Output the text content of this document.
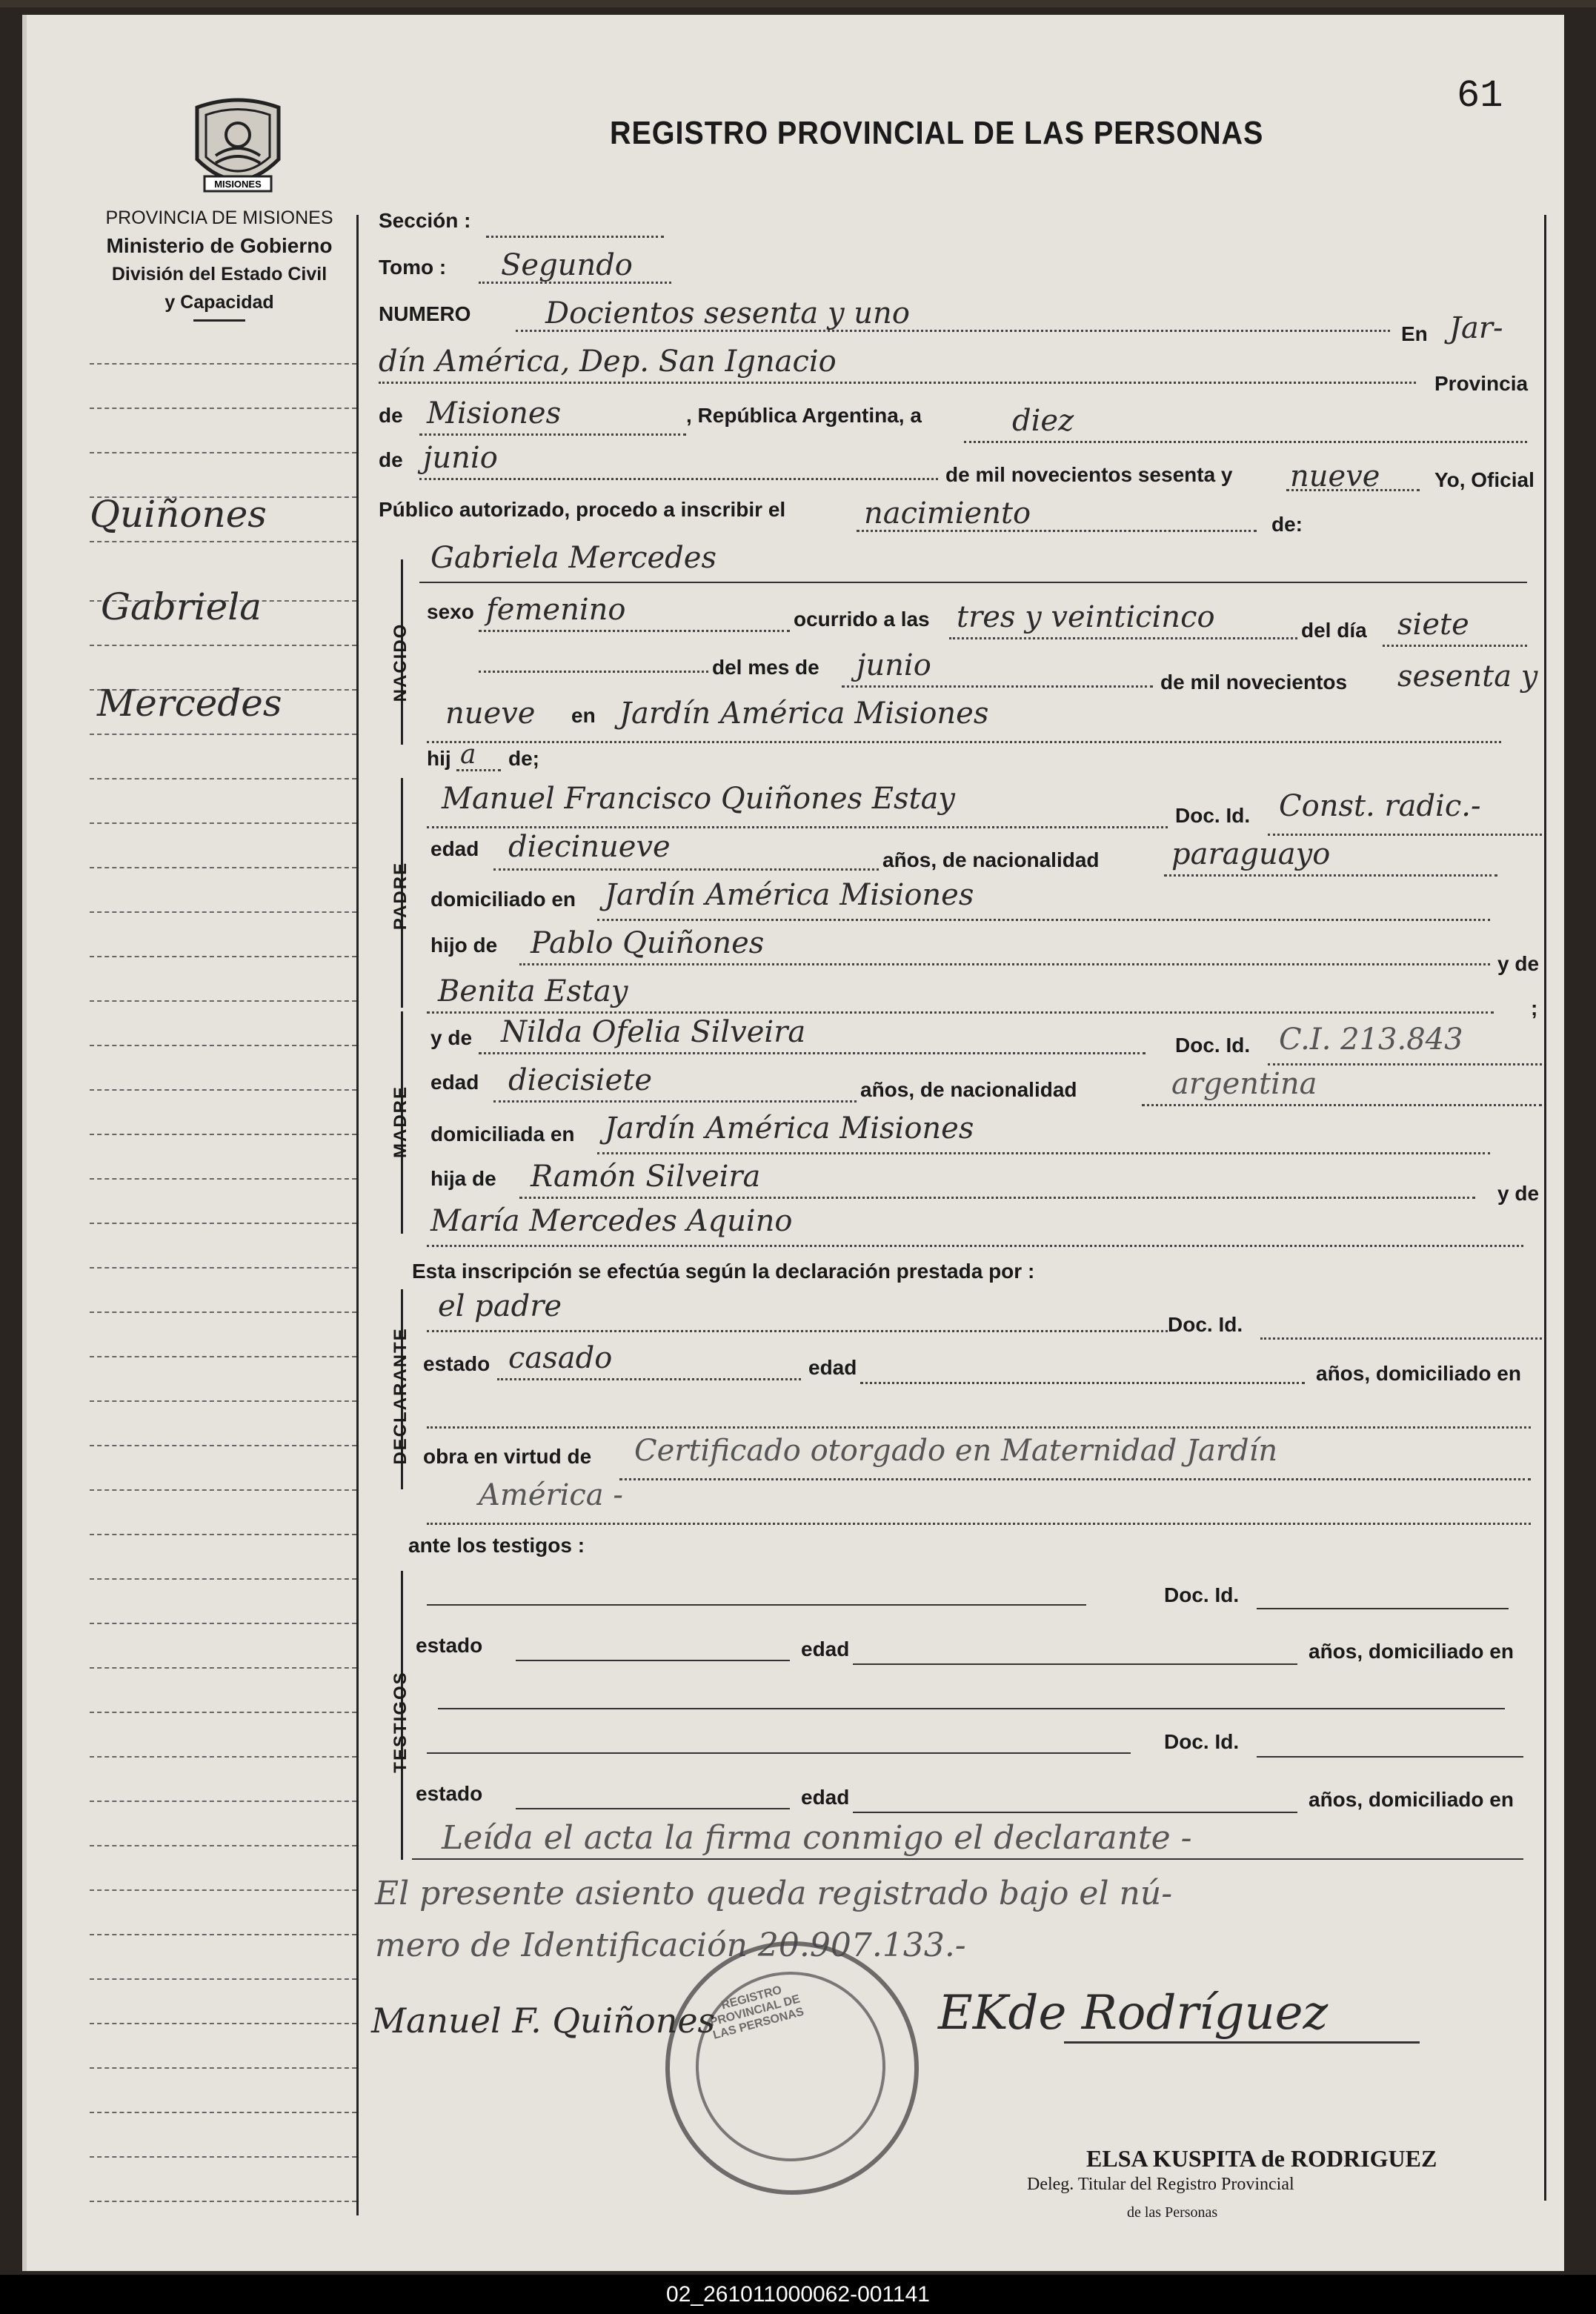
MISIONES
PROVINCIA DE MISIONES
Ministerio de Gobierno
División del Estado Civil
y Capacidad
REGISTRO PROVINCIAL DE LAS PERSONAS
61
Quiñones
Gabriela
Mercedes
NACIDO
PADRE
MADRE
DECLARANTE
TESTIGOS
Sección :
Tomo : Segundo
NUMERO	Docientos sesenta y uno
En Jar-
dín América, Dep. San Ignacio
Provincia
de Misiones	, República Argentina, a	diez
de junio	de mil novecientos sesenta y nueve	Yo, Oficial
Público autorizado, procedo a inscribir el	nacimiento	de:
Gabriela Mercedes
sexo femenino	ocurrido a las tres y veinticinco	del día siete
del mes de junio	de mil novecientos sesenta y
nueve en Jardín América Misiones
hij a de;
Manuel Francisco Quiñones Estay	Doc. Id. Const. radic.-
edad diecinueve	años, de nacionalidad paraguayo
domiciliado en Jardín América Misiones
hijo de Pablo Quiñones
y de
Benita Estay	;
y de Nilda Ofelia Silveira	Doc. Id. C.I. 213.843
edad diecisiete	años, de nacionalidad	argentina
domiciliada en Jardín América Misiones
hija de Ramón Silveira	y de
María Mercedes Aquino
Esta inscripción se efectúa según la declaración prestada por :
el padre
Doc. Id.
estado casado	edad	años, domiciliado en
obra en virtud de Certificado otorgado en Maternidad Jardín
América -
ante los testigos :
Doc. Id.
estado	edad	años, domiciliado en
Doc. Id.
estado	edad	años, domiciliado en
Leída el acta la firma conmigo el declarante -
El presente asiento queda registrado bajo el nú-
mero de Identificación 20.907.133.-
REGISTRO PROVINCIAL DE LAS PERSONAS
Manuel F. Quiñones	EKde Rodríguez
ELSA KUSPITA de RODRIGUEZ
Deleg. Titular del Registro Provincial
de las Personas
02_261011000062-001141
